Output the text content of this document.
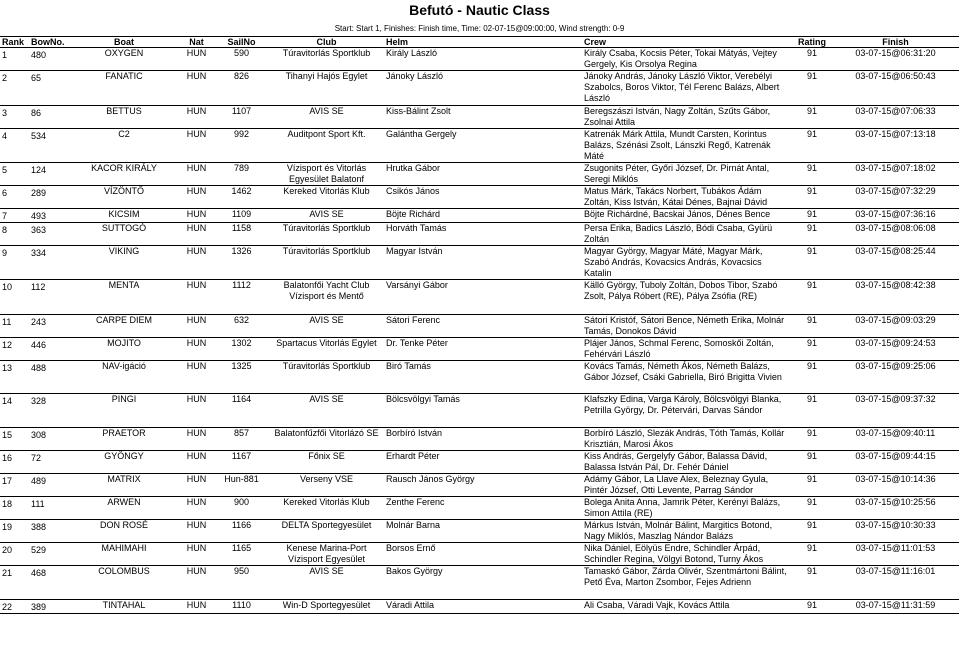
Befutó - Nautic Class
Start: Start 1, Finishes: Finish time, Time: 02-07-15@09:00:00, Wind strength: 0-9
Rank	BowNo.	Boat	Nat	SailNo	Club	Helm	Crew	Rating	Finish
1	480	OXYGEN	HUN	590	Túravitorlás Sportklub	Király László	Király Csaba, Kocsis Péter, Tokai Mátyás, Vejtey Gergely, Kis Orsolya Regina	91	03-07-15@06:31:20
2	65	FANATIC	HUN	826	Tihanyi Hajós Egylet	Jánoky László	Jánoky András, Jánoky László Viktor, Verebélyi Szabolcs, Boros Viktor, Tél Ferenc Balázs, Albert László	91	03-07-15@06:50:43
3	86	BETTUS	HUN	1107	AVIS SE	Kiss-Bálint Zsolt	Beregszászi István, Nagy Zoltán, Szűts Gábor, Zsolnai Attila	91	03-07-15@07:06:33
4	534	C2	HUN	992	Auditpont Sport Kft.	Galántha Gergely	Katrenák Márk Attila, Mundt Carsten, Korintus Balázs, Szénási Zsolt, Lánszki Regő, Katrenák Máté	91	03-07-15@07:13:18
5	124	KACOR KIRÁLY	HUN	789	Vízisport és Vitorlás Egyesület Balatonf	Hrutka Gábor	Zsugonits Péter, Győri József, Dr. Pirnát Antal, Seregi Miklós	91	03-07-15@07:18:02
6	289	VÍZÖNTŐ	HUN	1462	Kereked Vitorlás Klub	Csikós János	Matus Márk, Takács Norbert, Tubákos Ádám Zoltán, Kiss István, Kátai Dénes, Bajnai Dávid	91	03-07-15@07:32:29
7	493	KICSIM	HUN	1109	AVIS SE	Böjte Richárd	Böjte Richárdné, Bacskai János, Dénes Bence	91	03-07-15@07:36:16
8	363	SUTTOGÓ	HUN	1158	Túravitorlás Sportklub	Horváth Tamás	Persa Erika, Badics László, Bódi Csaba, Gyürü Zoltán	91	03-07-15@08:06:08
9	334	VIKING	HUN	1326	Túravitorlás Sportklub	Magyar István	Magyar György, Magyar Máté, Magyar Márk, Szabó András, Kovacsics András, Kovacsics Katalin	91	03-07-15@08:25:44
10	112	MENTA	HUN	1112	Balatonfői Yacht Club Vízisport és Mentő	Varsányi Gábor	Källó György, Tuboly Zoltán, Dobos Tibor, Szabó Zsolt, Pálya Róbert (RE), Pálya Zsófia (RE)	91	03-07-15@08:42:38
11	243	CARPE DIEM	HUN	632	AVIS SE	Sátori Ferenc	Sátori Kristóf, Sátori Bence, Németh Erika, Molnár Tamás, Donokos Dávid	91	03-07-15@09:03:29
12	446	MOJITO	HUN	1302	Spartacus Vitorlás Egylet	Dr. Tenke Péter	Plájer János, Schmal Ferenc, Somoskői Zoltán, Fehérvári László	91	03-07-15@09:24:53
13	488	NAV-igáció	HUN	1325	Túravitorlás Sportklub	Biró Tamás	Kovács Tamás, Németh Ákos, Németh Balázs, Gábor József, Csáki Gabriella, Biró Brigitta Vivien	91	03-07-15@09:25:06
14	328	PINGI	HUN	1164	AVIS SE	Bölcsvölgyi Tamás	Klafszky Edina, Varga Károly, Bölcsvölgyi Blanka, Petrilla György, Dr. Pétervári, Darvas Sándor	91	03-07-15@09:37:32
15	308	PRAETOR	HUN	857	Balatonfűzfői Vitorlázó SE	Borbíró István	Borbíró László, Slezák András, Tóth Tamás, Kollár Krisztián, Marosi Ákos	91	03-07-15@09:40:11
16	72	GYÖNGY	HUN	1167	Főnix SE	Erhardt Péter	Kiss András, Gergelyfy Gábor, Balassa Dávid, Balassa István Pál, Dr. Fehér Dániel	91	03-07-15@09:44:15
17	489	MATRIX	HUN	Hun-881	Verseny VSE	Rausch János György	Adámy Gábor, La Llave Alex, Beleznay Gyula, Pintér József, Otti Levente, Parrag Sándor	91	03-07-15@10:14:36
18	111	ARWEN	HUN	900	Kereked Vitorlás Klub	Zenthe Ferenc	Bolega Anita Anna, Jamrik Péter, Kerényi Balázs, Simon Attila (RE)	91	03-07-15@10:25:56
19	388	DON ROSÉ	HUN	1166	DELTA Sportegyesület	Molnár Barna	Márkus István, Molnár Bálint, Margitics Botond, Nagy Miklós, Maszlag Nándor Balázs	91	03-07-15@10:30:33
20	529	MAHIMAHI	HUN	1165	Kenese Marina-Port Vízisport Egyesület	Borsos Ernő	Nika Dániel, Eölyüs Endre, Schindler Árpád, Schindler Regina, Völgyi Botond, Turny Ákos	91	03-07-15@11:01:53
21	468	COLOMBUS	HUN	950	AVIS SE	Bakos György	Tamaskó Gábor, Zárda Olivér, Szentmártoni Bálint, Pető Éva, Marton Zsombor, Fejes Adrienn	91	03-07-15@11:16:01
22	389	TINTAHAL	HUN	1110	Win-D Sportegyesület	Váradi Attila	Ali Csaba, Váradi Vajk, Kovács Attila	91	03-07-15@11:31:59
